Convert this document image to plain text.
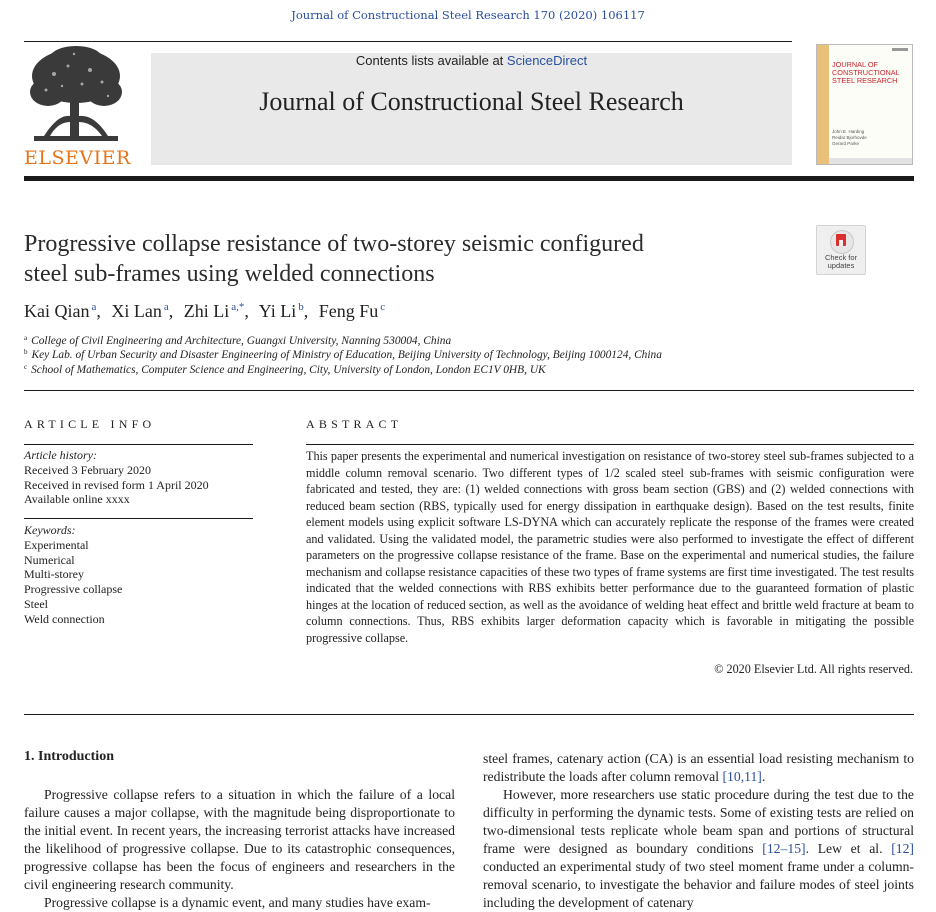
Journal of Constructional Steel Research 170 (2020) 106117
ELSEVIER
Contents lists available at ScienceDirect
Journal of Constructional Steel Research
JOURNAL OF CONSTRUCTIONAL STEEL RESEARCH
John E. Harding
Reidar Bjorhovde
Gerard Parke
Progressive collapse resistance of two-storey seismic configured
steel sub-frames using welded connections
Check for
updates
Kai Qian $^a$, Xi Lan $^a$, Zhi Li $^{a,*}$, Yi Li $^b$, Feng Fu $^c$
$^a$ College of Civil Engineering and Architecture, Guangxi University, Nanning 530004, China
$^b$ Key Lab. of Urban Security and Disaster Engineering of Ministry of Education, Beijing University of Technology, Beijing 1000124, China
$^c$ School of Mathematics, Computer Science and Engineering, City, University of London, London EC1V 0HB, UK
ARTICLE INFO	ABSTRACT
Article history:
Received 3 February 2020
Received in revised form 1 April 2020
Available online xxxx
Keywords:
Experimental
Numerical
Multi-storey
Progressive collapse
Steel
Weld connection
This paper presents the experimental and numerical investigation on resistance of two-storey steel sub-frames subjected to a middle column removal scenario. Two different types of 1/2 scaled steel sub-frames with seismic configuration were fabricated and tested, they are: (1) welded connections with gross beam section (GBS) and (2) welded connections with reduced beam section (RBS, typically used for energy dissipation in earthquake design). Based on the test results, finite element models using explicit software LS-DYNA which can accurately replicate the response of the frames were created and validated. Using the validated model, the parametric studies were also performed to investigate the effect of different parameters on the progressive collapse resistance of the frame. Base on the experimental and numerical studies, the failure mechanism and collapse resistance capacities of these two types of frame systems are first time investigated. The test results indicated that the welded connections with RBS exhibits better performance due to the guaranteed formation of plastic hinges at the location of reduced section, as well as the avoidance of welding heat effect and brittle weld fracture at beam to column connections. Thus, RBS exhibits larger deformation capacity which is favorable in mitigating the possible progressive collapse.
© 2020 Elsevier Ltd. All rights reserved.
1. Introduction
Progressive collapse refers to a situation in which the failure of a local failure causes a major collapse, with the magnitude being disproportionate to the initial event. In recent years, the increasing terrorist attacks have increased the likelihood of progressive collapse. Due to its catastrophic consequences, progressive collapse has been the focus of engineers and researchers in the civil engineering research community.
Progressive collapse is a dynamic event, and many studies have exam-
steel frames, catenary action (CA) is an essential load resisting mechanism to redistribute the loads after column removal [10,11].
However, more researchers use static procedure during the test due to the difficulty in performing the dynamic tests. Some of existing tests are relied on two-dimensional tests replicate whole beam span and portions of structural frame were designed as boundary conditions [12–15]. Lew et al. [12] conducted an experimental study of two steel moment frame under a column-removal scenario, to investigate the behavior and failure modes of steel joints including the development of catenary
